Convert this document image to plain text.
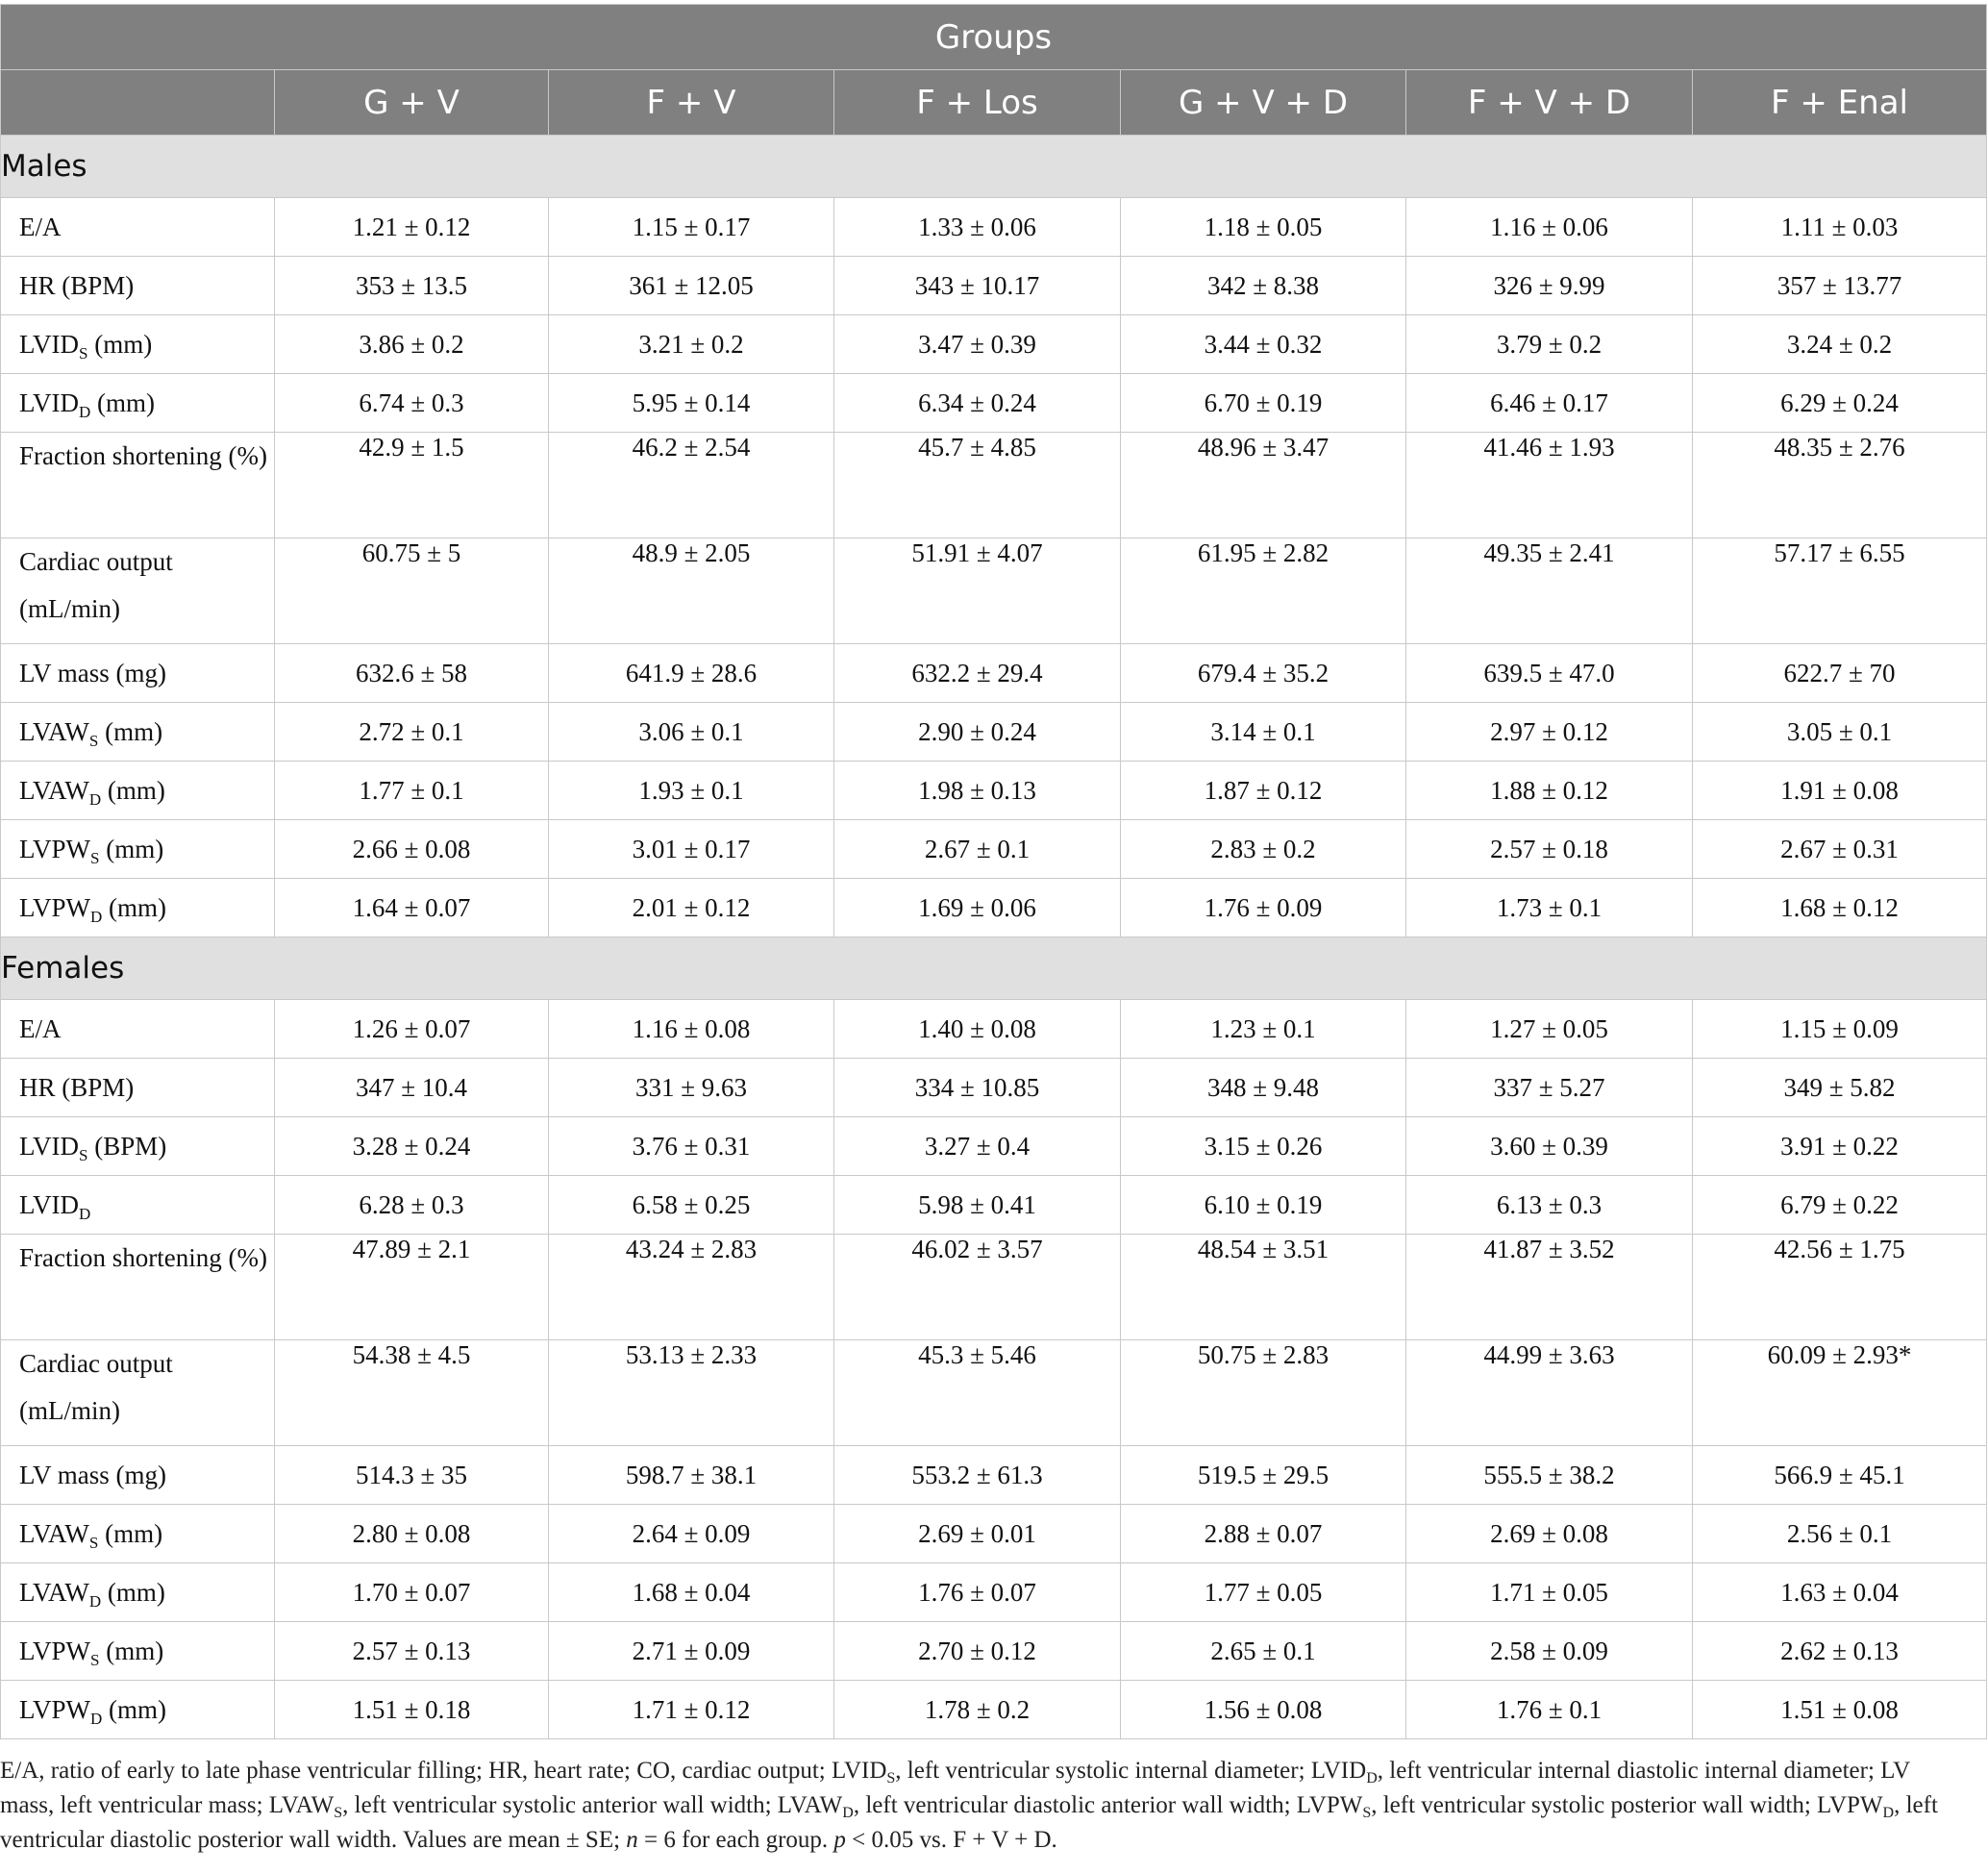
Groups						
	G + V	F + V	F + Los	G + V + D	F + V + D	F + Enal
Males						
E/A	1.21 ± 0.12	1.15 ± 0.17	1.33 ± 0.06	1.18 ± 0.05	1.16 ± 0.06	1.11 ± 0.03
HR (BPM)	353 ± 13.5	361 ± 12.05	343 ± 10.17	342 ± 8.38	326 ± 9.99	357 ± 13.77
$LVID_S$ (mm)	3.86 ± 0.2	3.21 ± 0.2	3.47 ± 0.39	3.44 ± 0.32	3.79 ± 0.2	3.24 ± 0.2
$LVID_D$ (mm)	6.74 ± 0.3	5.95 ± 0.14	6.34 ± 0.24	6.70 ± 0.19	6.46 ± 0.17	6.29 ± 0.24
Fraction shortening (%)	42.9 ± 1.5	46.2 ± 2.54	45.7 ± 4.85	48.96 ± 3.47	41.46 ± 1.93	48.35 ± 2.76
Cardiac output (mL/min)	60.75 ± 5	48.9 ± 2.05	51.91 ± 4.07	61.95 ± 2.82	49.35 ± 2.41	57.17 ± 6.55
LV mass (mg)	632.6 ± 58	641.9 ± 28.6	632.2 ± 29.4	679.4 ± 35.2	639.5 ± 47.0	622.7 ± 70
$LVAW_S$ (mm)	2.72 ± 0.1	3.06 ± 0.1	2.90 ± 0.24	3.14 ± 0.1	2.97 ± 0.12	3.05 ± 0.1
$LVAW_D$ (mm)	1.77 ± 0.1	1.93 ± 0.1	1.98 ± 0.13	1.87 ± 0.12	1.88 ± 0.12	1.91 ± 0.08
$LVPW_S$ (mm)	2.66 ± 0.08	3.01 ± 0.17	2.67 ± 0.1	2.83 ± 0.2	2.57 ± 0.18	2.67 ± 0.31
$LVPW_D$ (mm)	1.64 ± 0.07	2.01 ± 0.12	1.69 ± 0.06	1.76 ± 0.09	1.73 ± 0.1	1.68 ± 0.12
Females						
E/A	1.26 ± 0.07	1.16 ± 0.08	1.40 ± 0.08	1.23 ± 0.1	1.27 ± 0.05	1.15 ± 0.09
HR (BPM)	347 ± 10.4	331 ± 9.63	334 ± 10.85	348 ± 9.48	337 ± 5.27	349 ± 5.82
$LVID_S$ (BPM)	3.28 ± 0.24	3.76 ± 0.31	3.27 ± 0.4	3.15 ± 0.26	3.60 ± 0.39	3.91 ± 0.22
$LVID_D$	6.28 ± 0.3	6.58 ± 0.25	5.98 ± 0.41	6.10 ± 0.19	6.13 ± 0.3	6.79 ± 0.22
Fraction shortening (%)	47.89 ± 2.1	43.24 ± 2.83	46.02 ± 3.57	48.54 ± 3.51	41.87 ± 3.52	42.56 ± 1.75
Cardiac output (mL/min)	54.38 ± 4.5	53.13 ± 2.33	45.3 ± 5.46	50.75 ± 2.83	44.99 ± 3.63	60.09 ± 2.93*
LV mass (mg)	514.3 ± 35	598.7 ± 38.1	553.2 ± 61.3	519.5 ± 29.5	555.5 ± 38.2	566.9 ± 45.1
$LVAW_S$ (mm)	2.80 ± 0.08	2.64 ± 0.09	2.69 ± 0.01	2.88 ± 0.07	2.69 ± 0.08	2.56 ± 0.1
$LVAW_D$ (mm)	1.70 ± 0.07	1.68 ± 0.04	1.76 ± 0.07	1.77 ± 0.05	1.71 ± 0.05	1.63 ± 0.04
$LVPW_S$ (mm)	2.57 ± 0.13	2.71 ± 0.09	2.70 ± 0.12	2.65 ± 0.1	2.58 ± 0.09	2.62 ± 0.13
$LVPW_D$ (mm)	1.51 ± 0.18	1.71 ± 0.12	1.78 ± 0.2	1.56 ± 0.08	1.76 ± 0.1	1.51 ± 0.08
E/A, ratio of early to late phase ventricular filling; HR, heart rate; CO, cardiac output; $LVID_S$, left ventricular systolic internal diameter; $LVID_D$, left ventricular internal diastolic internal diameter; LV mass, left ventricular mass; $LVAW_S$, left ventricular systolic anterior wall width; $LVAW_D$, left ventricular diastolic anterior wall width; $LVPW_S$, left ventricular systolic posterior wall width; $LVPW_D$, left ventricular diastolic posterior wall width. Values are mean ± SE; n = 6 for each group. p < 0.05 vs. F + V + D.
